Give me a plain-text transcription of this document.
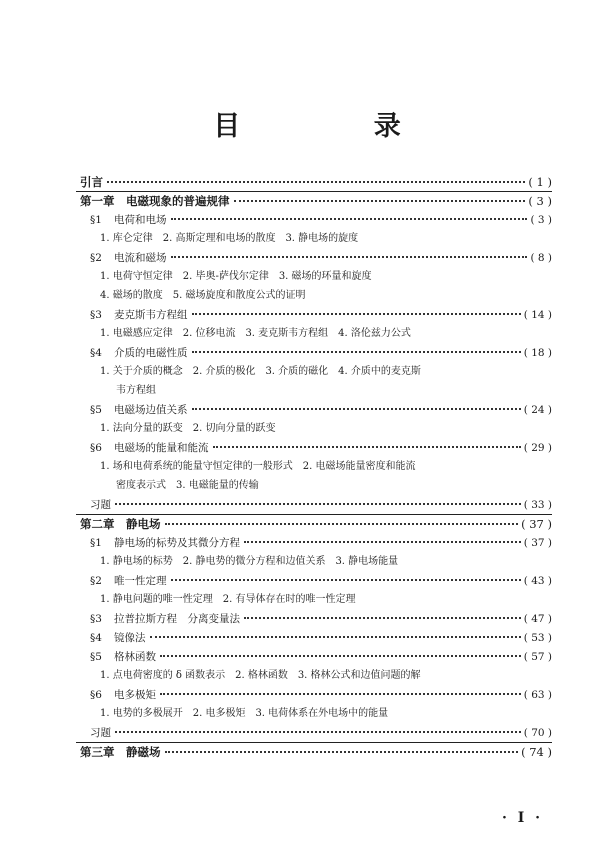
目 录
引言	( 1 )
第一章　电磁现象的普遍规律	( 3 )
§1 电荷和电场	( 3 )
1. 库仑定律　2. 高斯定理和电场的散度　3. 静电场的旋度
§2 电流和磁场	( 8 )
1. 电荷守恒定律　2. 毕奥-萨伐尔定律　3. 磁场的环量和旋度
4. 磁场的散度　5. 磁场旋度和散度公式的证明
§3 麦克斯韦方程组	( 14 )
1. 电磁感应定律　2. 位移电流　3. 麦克斯韦方程组　4. 洛伦兹力公式
§4 介质的电磁性质	( 18 )
1. 关于介质的概念　2. 介质的极化　3. 介质的磁化　4. 介质中的麦克斯
韦方程组
§5 电磁场边值关系	( 24 )
1. 法向分量的跃变　2. 切向分量的跃变
§6 电磁场的能量和能流	( 29 )
1. 场和电荷系统的能量守恒定律的一般形式　2. 电磁场能量密度和能流
密度表示式　3. 电磁能量的传输
习题	( 33 )
第二章　静电场	( 37 )
§1 静电场的标势及其微分方程	( 37 )
1. 静电场的标势　2. 静电势的微分方程和边值关系　3. 静电场能量
§2 唯一性定理	( 43 )
1. 静电问题的唯一性定理　2. 有导体存在时的唯一性定理
§3 拉普拉斯方程　分离变量法	( 47 )
§4 镜像法	( 53 )
§5 格林函数	( 57 )
1. 点电荷密度的 δ 函数表示　2. 格林函数　3. 格林公式和边值问题的解
§6 电多极矩	( 63 )
1. 电势的多极展开　2. 电多极矩　3. 电荷体系在外电场中的能量
习题	( 70 )
第三章　静磁场	( 74 )
· I ·
